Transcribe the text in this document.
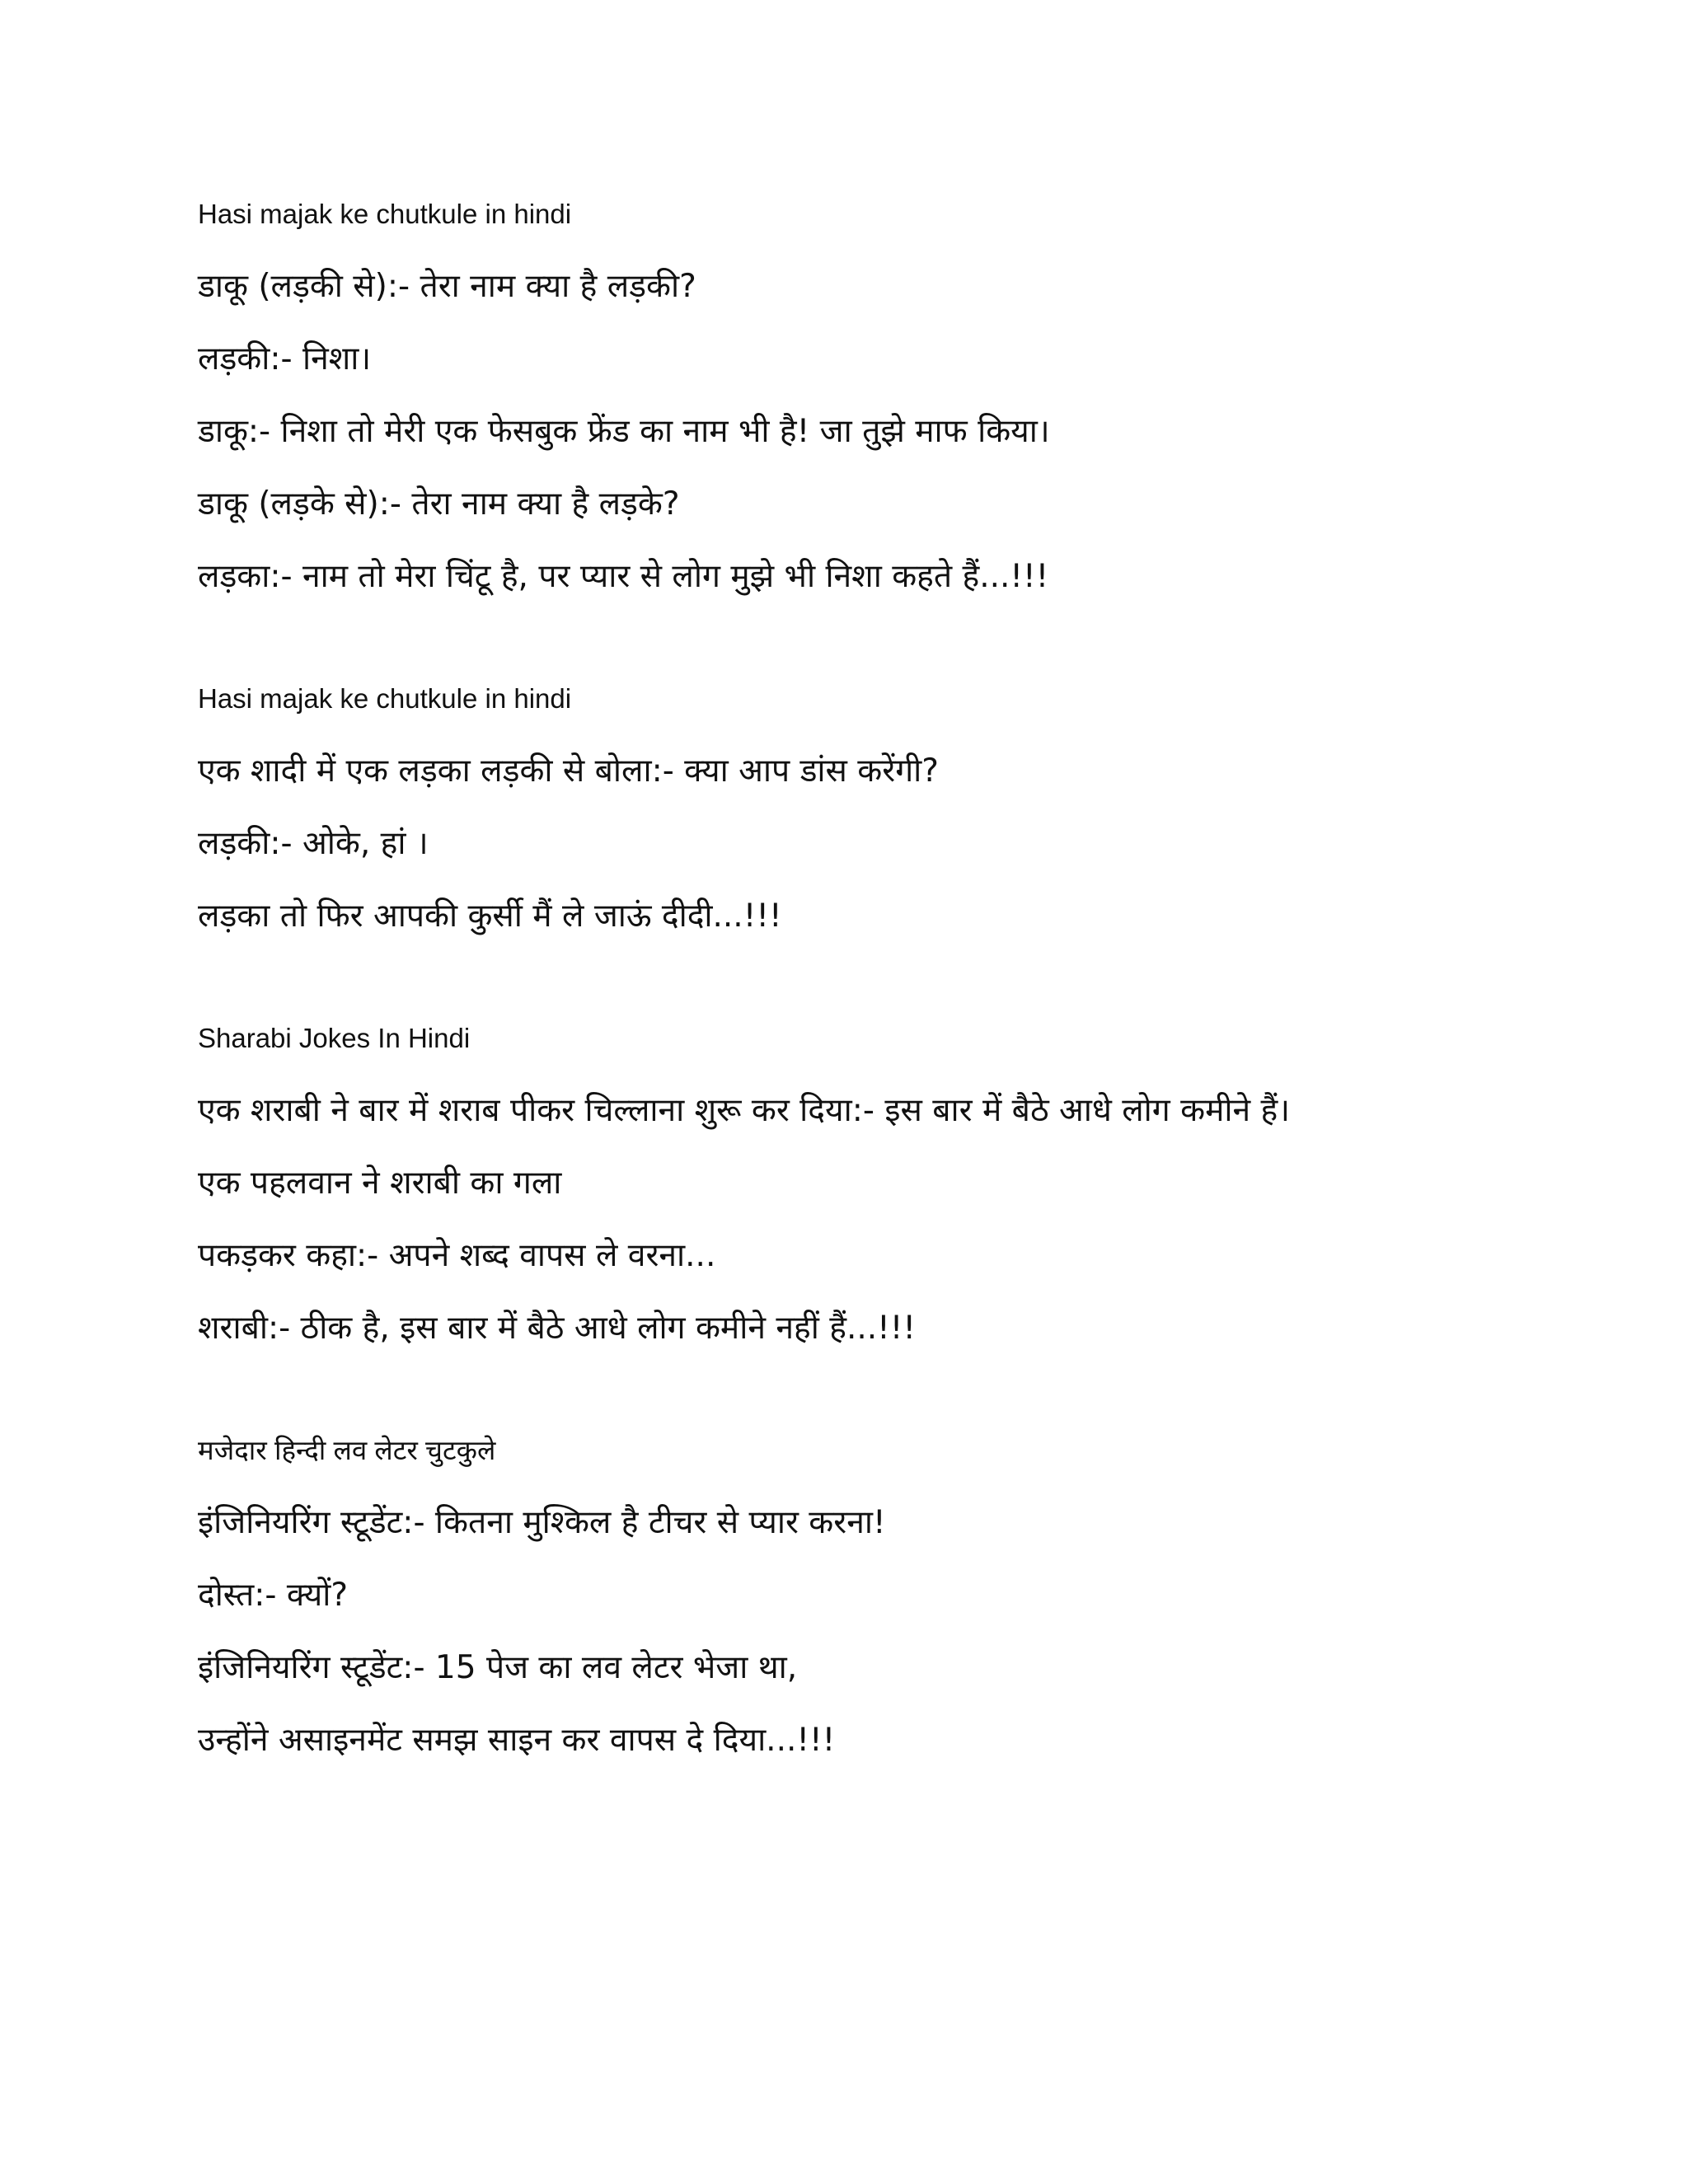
Hasi majak ke chutkule in hindi
डाकू (लड़की से):- तेरा नाम क्या है लड़की?
लड़की:- निशा।
डाकू:- निशा तो मेरी एक फेसबुक फ्रेंड का नाम भी है! जा तुझे माफ किया।
डाकू (लड़के से):- तेरा नाम क्या है लड़के?
लड़का:- नाम तो मेरा चिंटू है, पर प्यार से लोग मुझे भी निशा कहते हैं...!!!
Hasi majak ke chutkule in hindi
एक शादी में एक लड़का लड़की से बोला:- क्या आप डांस करेंगी?
लड़की:- ओके, हां ।
लड़का तो फिर आपकी कुर्सी मैं ले जाऊं दीदी...!!!
Sharabi Jokes In Hindi
एक शराबी ने बार में शराब पीकर चिल्लाना शुरू कर दिया:- इस बार में बैठे आधे लोग कमीने हैं।
एक पहलवान ने शराबी का गला
पकड़कर कहा:- अपने शब्द वापस ले वरना...
शराबी:- ठीक है, इस बार में बैठे आधे लोग कमीने नहीं हैं...!!!
मजेदार हिन्दी लव लेटर चुटकुले
इंजिनियरिंग स्टूडेंट:- कितना मुश्किल है टीचर से प्यार करना!
दोस्त:- क्यों?
इंजिनियरिंग स्टूडेंट:- 15 पेज का लव लेटर भेजा था,
उन्होंने असाइनमेंट समझ साइन कर वापस दे दिया...!!!
